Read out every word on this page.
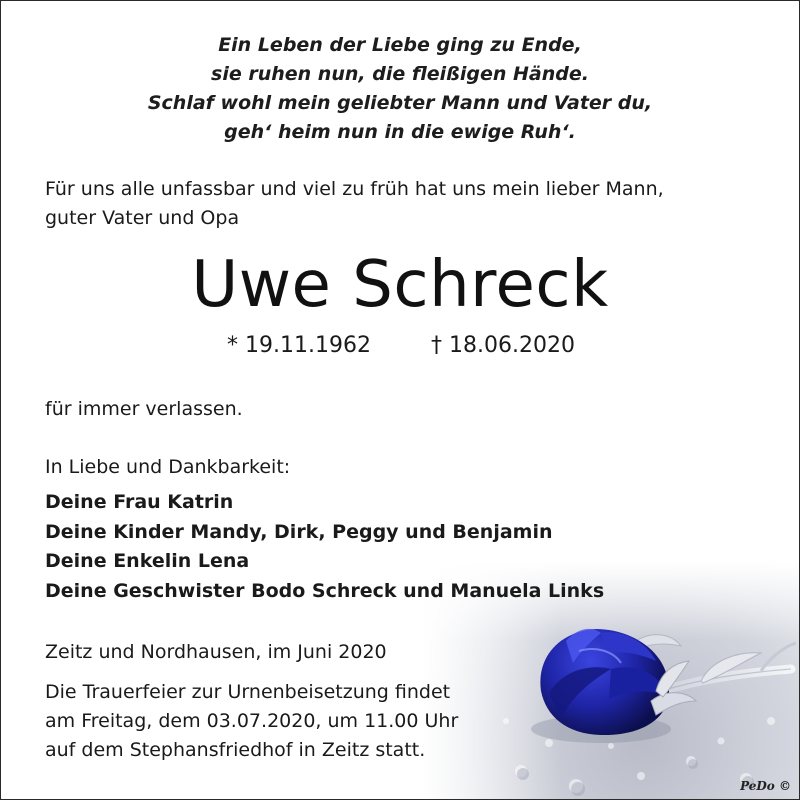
Ein Leben der Liebe ging zu Ende,
sie ruhen nun, die fleißigen Hände.
Schlaf wohl mein geliebter Mann und Vater du,
geh‘ heim nun in die ewige Ruh‘.
Für uns alle unfassbar und viel zu früh hat uns mein lieber Mann,
guter Vater und Opa
Uwe Schreck
* 19.11.1962	† 18.06.2020
für immer verlassen.
In Liebe und Dankbarkeit:
Deine Frau Katrin
Deine Kinder Mandy, Dirk, Peggy und Benjamin
Deine Enkelin Lena
Deine Geschwister Bodo Schreck und Manuela Links
Zeitz und Nordhausen, im Juni 2020
Die Trauerfeier zur Urnenbeisetzung findet
am Freitag, dem 03.07.2020, um 11.00 Uhr
auf dem Stephansfriedhof in Zeitz statt.
PeDo ©
